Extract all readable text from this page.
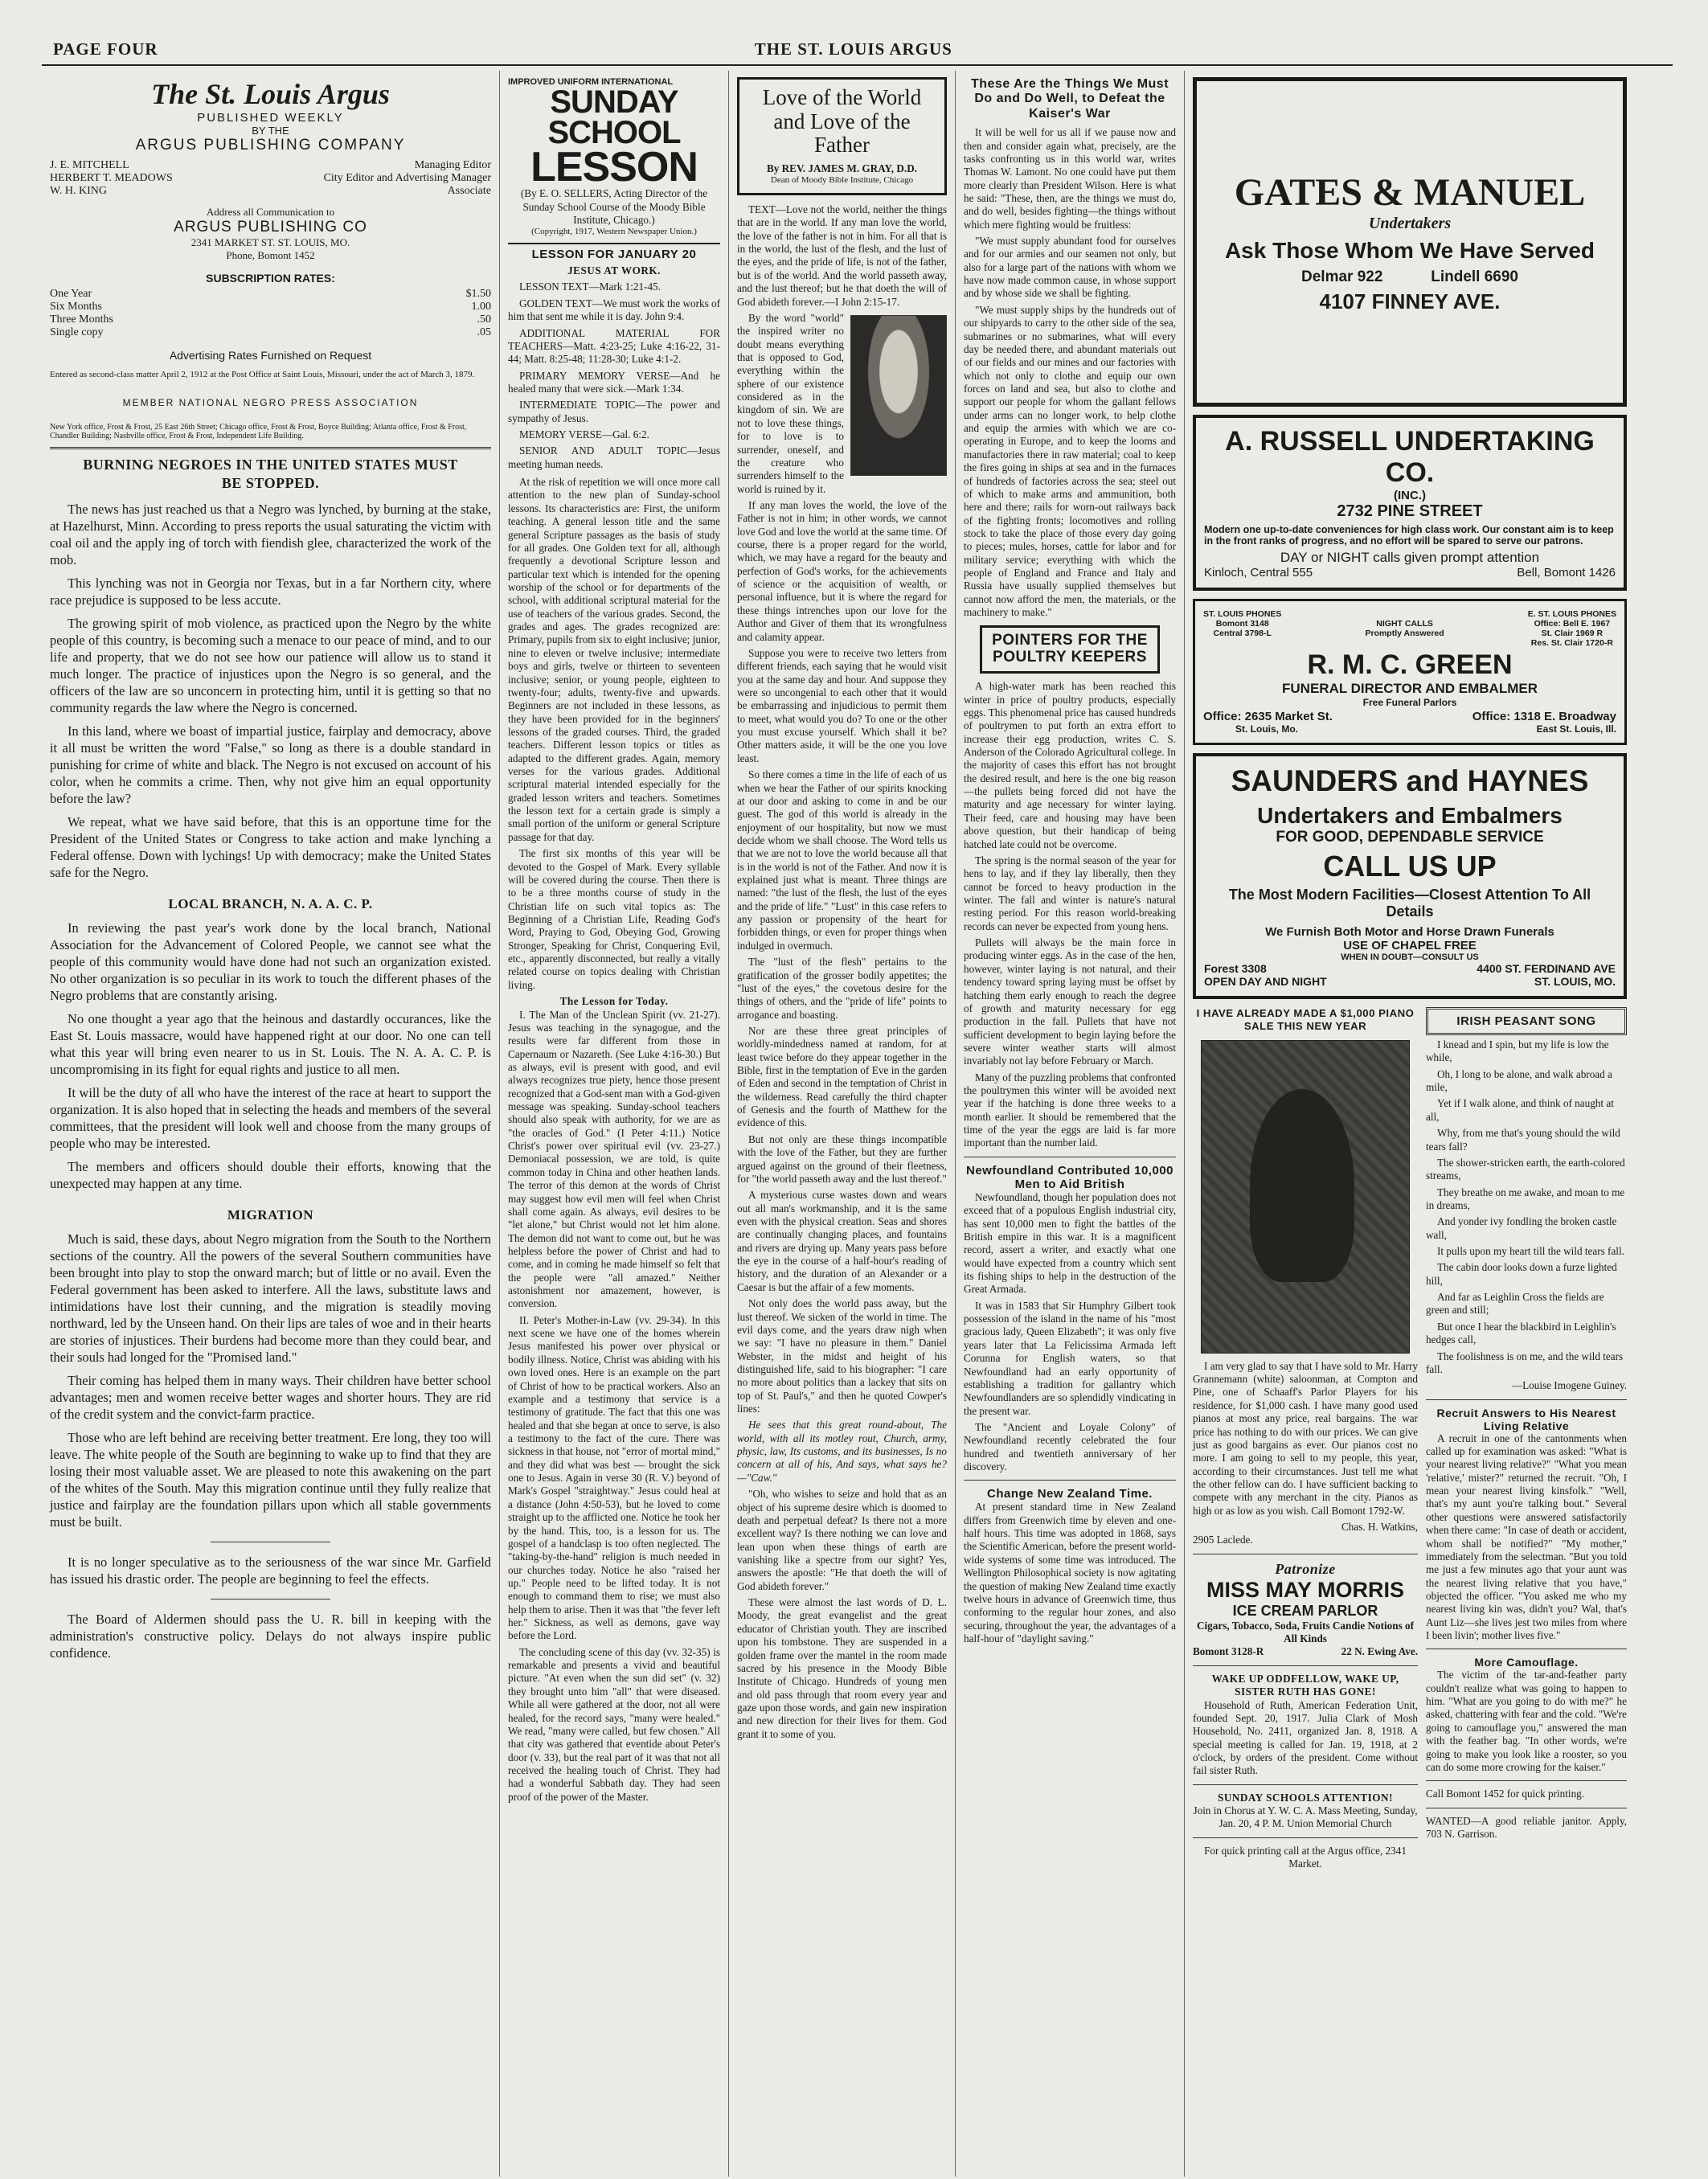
PAGE FOUR	THE ST. LOUIS ARGUS
The St. Louis Argus
PUBLISHED WEEKLY
BY THE
ARGUS PUBLISHING COMPANY
J. E. MITCHELL	Managing Editor
HERBERT T. MEADOWS	City Editor and Advertising Manager
W. H. KING	Associate
Address all Communication to
ARGUS PUBLISHING CO
2341 MARKET ST. ST. LOUIS, MO.
Phone, Bomont 1452
SUBSCRIPTION RATES:
One Year	$1.50
Six Months	1.00
Three Months	.50
Single copy	.05
Advertising Rates Furnished on Request
Entered as second-class matter April 2, 1912 at the Post Office at Saint Louis, Missouri, under the act of March 3, 1879.
MEMBER NATIONAL NEGRO PRESS ASSOCIATION
New York office, Frost & Frost, 25 East 26th Street; Chicago office, Frost & Frost, Boyce Building; Atlanta office, Frost & Frost, Chandler Building; Nashville office, Frost & Frost, Independent Life Building.
BURNING NEGROES IN THE UNITED STATES MUST BE STOPPED.

The news has just reached us that a Negro was lynched, by burning at the stake, at Hazelhurst, Minn. According to press reports the usual saturating the victim with coal oil and the apply ing of torch with fiendish glee, characterized the work of the mob.

This lynching was not in Georgia nor Texas, but in a far Northern city, where race prejudice is supposed to be less accute.

The growing spirit of mob violence, as practiced upon the Negro by the white people of this country, is becoming such a menace to our peace of mind, and to our life and property, that we do not see how our patience will allow us to stand it much longer. The practice of injustices upon the Negro is so general, and the officers of the law are so unconcern in protecting him, until it is getting so that no community regards the law where the Negro is concerned.

In this land, where we boast of impartial justice, fairplay and democracy, above it all must be written the word "False," so long as there is a double standard in punishing for crime of white and black. The Negro is not excused on account of his color, when he commits a crime. Then, why not give him an equal opportunity before the law?

We repeat, what we have said before, that this is an opportune time for the President of the United States or Congress to take action and make lynching a Federal offense. Down with lychings! Up with democracy; make the United States safe for the Negro.

LOCAL BRANCH, N. A. A. C. P.

In reviewing the past year's work done by the local branch, National Association for the Advancement of Colored People, we cannot see what the people of this community would have done had not such an organization existed. No other organization is so peculiar in its work to touch the different phases of the Negro problems that are constantly arising.

No one thought a year ago that the heinous and dastardly occurances, like the East St. Louis massacre, would have happened right at our door. No one can tell what this year will bring even nearer to us in St. Louis. The N. A. A. C. P. is uncompromising in its fight for equal rights and justice to all men.

It will be the duty of all who have the interest of the race at heart to support the organization. It is also hoped that in selecting the heads and members of the several committees, that the president will look well and choose from the many groups of people who may be interested.

The members and officers should double their efforts, knowing that the unexpected may happen at any time.

MIGRATION

Much is said, these days, about Negro migration from the South to the Northern sections of the country. All the powers of the several Southern communities have been brought into play to stop the onward march; but of little or no avail. Even the Federal government has been asked to interfere. All the laws, substitute laws and intimidations have lost their cunning, and the migration is steadily moving northward, led by the Unseen hand. On their lips are tales of woe and in their hearts are stories of injustices. Their burdens had become more than they could bear, and their souls had longed for the "Promised land."

Their coming has helped them in many ways. Their children have better school advantages; men and women receive better wages and shorter hours. They are rid of the credit system and the convict-farm practice.

Those who are left behind are receiving better treatment. Ere long, they too will leave. The white people of the South are beginning to wake up to find that they are losing their most valuable asset. We are pleased to note this awakening on the part of the whites of the South. May this migration continue until they fully realize that justice and fairplay are the foundation pillars upon which all stable governments must be built.

It is no longer speculative as to the seriousness of the war since Mr. Garfield has issued his drastic order. The people are beginning to feel the effects.

The Board of Aldermen should pass the U. R. bill in keeping with the administration's constructive policy. Delays do not always inspire public confidence.

IMPROVED UNIFORM INTERNATIONAL
SUNDAY SCHOOL
LESSON
(By E. O. SELLERS, Acting Director of the Sunday School Course of the Moody Bible Institute, Chicago.)
(Copyright, 1917, Western Newspaper Union.)
LESSON FOR JANUARY 20
JESUS AT WORK.

LESSON TEXT—Mark 1:21-45.

GOLDEN TEXT—We must work the works of him that sent me while it is day. John 9:4.

ADDITIONAL MATERIAL FOR TEACHERS—Matt. 4:23-25; Luke 4:16-22, 31-44; Matt. 8:25-48; 11:28-30; Luke 4:1-2.

PRIMARY MEMORY VERSE—And he healed many that were sick.—Mark 1:34.

INTERMEDIATE TOPIC—The power and sympathy of Jesus.

MEMORY VERSE—Gal. 6:2.

SENIOR AND ADULT TOPIC—Jesus meeting human needs.

At the risk of repetition we will once more call attention to the new plan of Sunday-school lessons. Its characteristics are: First, the uniform teaching. A general lesson title and the same general Scripture passages as the basis of study for all grades. One Golden text for all, although frequently a devotional Scripture lesson and particular text which is intended for the opening worship of the school or for departments of the school, with additional scriptural material for the use of teachers of the various grades. Second, the grades and ages. The grades recognized are: Primary, pupils from six to eight inclusive; junior, nine to eleven or twelve inclusive; intermediate boys and girls, twelve or thirteen to seventeen inclusive; senior, or young people, eighteen to twenty-four; adults, twenty-five and upwards. Beginners are not included in these lessons, as they have been provided for in the beginners' lessons of the graded courses. Third, the graded teachers. Different lesson topics or titles as adapted to the different grades. Again, memory verses for the various grades. Additional scriptural material intended especially for the graded lesson writers and teachers. Sometimes the lesson text for a certain grade is simply a small portion of the uniform or general Scripture passage for that day.

The first six months of this year will be devoted to the Gospel of Mark. Every syllable will be covered during the course. Then there is to be a three months course of study in the Christian life on such vital topics as: The Beginning of a Christian Life, Reading God's Word, Praying to God, Obeying God, Growing Stronger, Speaking for Christ, Conquering Evil, etc., apparently disconnected, but really a vitally related course on topics dealing with Christian living.

The Lesson for Today.

I. The Man of the Unclean Spirit (vv. 21-27). Jesus was teaching in the synagogue, and the results were far different from those in Capernaum or Nazareth. (See Luke 4:16-30.) But as always, evil is present with good, and evil always recognizes true piety, hence those present recognized that a God-sent man with a God-given message was speaking. Sunday-school teachers should also speak with authority, for we are as "the oracles of God." (I Peter 4:11.) Notice Christ's power over spiritual evil (vv. 23-27.) Demoniacal possession, we are told, is quite common today in China and other heathen lands. The terror of this demon at the words of Christ may suggest how evil men will feel when Christ shall come again. As always, evil desires to be "let alone," but Christ would not let him alone. The demon did not want to come out, but he was helpless before the power of Christ and had to come, and in coming he made himself so felt that the people were "all amazed." Neither astonishment nor amazement, however, is conversion.

II. Peter's Mother-in-Law (vv. 29-34). In this next scene we have one of the homes wherein Jesus manifested his power over physical or bodily illness. Notice, Christ was abiding with his own loved ones. Here is an example on the part of Christ of how to be practical workers. Also an example and a testimony that service is a testimony of gratitude. The fact that this one was healed and that she began at once to serve, is also a testimony to the fact of the cure. There was sickness in that house, not "error of mortal mind," and they did what was best — brought the sick one to Jesus. Again in verse 30 (R. V.) beyond of Mark's Gospel "straightway." Jesus could heal at a distance (John 4:50-53), but he loved to come straight up to the afflicted one. Notice he took her by the hand. This, too, is a lesson for us. The gospel of a handclasp is too often neglected. The "taking-by-the-hand" religion is much needed in our churches today. Notice he also "raised her up." People need to be lifted today. It is not enough to command them to rise; we must also help them to arise. Then it was that "the fever left her." Sickness, as well as demons, gave way before the Lord.

The concluding scene of this day (vv. 32-35) is remarkable and presents a vivid and beautiful picture. "At even when the sun did set" (v. 32) they brought unto him "all" that were diseased. While all were gathered at the door, not all were healed, for the record says, "many were healed." We read, "many were called, but few chosen." All that city was gathered that eventide about Peter's door (v. 33), but the real part of it was that not all received the healing touch of Christ. They had had a wonderful Sabbath day. They had seen proof of the power of the Master.

Love of the World and Love of the Father
By REV. JAMES M. GRAY, D.D.
Dean of Moody Bible Institute, Chicago

TEXT—Love not the world, neither the things that are in the world. If any man love the world, the love of the father is not in him. For all that is in the world, the lust of the flesh, and the lust of the eyes, and the pride of life, is not of the father, but is of the world. And the world passeth away, and the lust thereof; but he that doeth the will of God abideth forever.—I John 2:15-17.

By the word "world" the inspired writer no doubt means everything that is opposed to God, everything within the sphere of our existence considered as in the kingdom of sin. We are not to love these things, for to love is to surrender, oneself, and the creature who surrenders himself to the world is ruined by it.

If any man loves the world, the love of the Father is not in him; in other words, we cannot love God and love the world at the same time. Of course, there is a proper regard for the world, which, we may have a regard for the beauty and perfection of God's works, for the achievements of science or the acquisition of wealth, or personal influence, but it is where the regard for these things intrenches upon our love for the Author and Giver of them that its wrongfulness and calamity appear.

Suppose you were to receive two letters from different friends, each saying that he would visit you at the same day and hour. And suppose they were so uncongenial to each other that it would be embarrassing and injudicious to permit them to meet, what would you do? To one or the other you must excuse yourself. Which shall it be? Other matters aside, it will be the one you love least.

So there comes a time in the life of each of us when we hear the Father of our spirits knocking at our door and asking to come in and be our guest. The god of this world is already in the enjoyment of our hospitality, but now we must decide whom we shall choose. The Word tells us that we are not to love the world because all that is in the world is not of the Father. And now it is explained just what is meant. Three things are named: "the lust of the flesh, the lust of the eyes and the pride of life." "Lust" in this case refers to any passion or propensity of the heart for forbidden things, or even for proper things when indulged in overmuch.

The "lust of the flesh" pertains to the gratification of the grosser bodily appetites; the "lust of the eyes," the covetous desire for the things of others, and the "pride of life" points to arrogance and boasting.

Nor are these three great principles of worldly-mindedness named at random, for at least twice before do they appear together in the Bible, first in the temptation of Eve in the garden of Eden and second in the temptation of Christ in the wilderness. Read carefully the third chapter of Genesis and the fourth of Matthew for the evidence of this.

But not only are these things incompatible with the love of the Father, but they are further argued against on the ground of their fleetness, for "the world passeth away and the lust thereof."

A mysterious curse wastes down and wears out all man's workmanship, and it is the same even with the physical creation. Seas and shores are continually changing places, and fountains and rivers are drying up. Many years pass before the eye in the course of a half-hour's reading of history, and the duration of an Alexander or a Caesar is but the affair of a few moments.

Not only does the world pass away, but the lust thereof. We sicken of the world in time. The evil days come, and the years draw nigh when we say: "I have no pleasure in them." Daniel Webster, in the midst and height of his distinguished life, said to his biographer: "I care no more about politics than a lackey that sits on top of St. Paul's," and then he quoted Cowper's lines:

He sees that this great round-about, The world, with all its motley rout, Church, army, physic, law, Its customs, and its businesses, Is no concern at all of his, And says, what says he?—"Caw."

"Oh, who wishes to seize and hold that as an object of his supreme desire which is doomed to death and perpetual defeat? Is there not a more excellent way? Is there nothing we can love and lean upon when these things of earth are vanishing like a spectre from our sight? Yes, answers the apostle: "He that doeth the will of God abideth forever."

These were almost the last words of D. L. Moody, the great evangelist and the great educator of Christian youth. They are inscribed upon his tombstone. They are suspended in a golden frame over the mantel in the room made sacred by his presence in the Moody Bible Institute of Chicago. Hundreds of young men and old pass through that room every year and gaze upon those words, and gain new inspiration and new direction for their lives for them. God grant it to some of you.

These Are the Things We Must Do and Do Well, to Defeat the Kaiser's War

It will be well for us all if we pause now and then and consider again what, precisely, are the tasks confronting us in this world war, writes Thomas W. Lamont. No one could have put them more clearly than President Wilson. Here is what he said: "These, then, are the things we must do, and do well, besides fighting—the things without which mere fighting would be fruitless:

"We must supply abundant food for ourselves and for our armies and our seamen not only, but also for a large part of the nations with whom we have now made common cause, in whose support and by whose side we shall be fighting.

"We must supply ships by the hundreds out of our shipyards to carry to the other side of the sea, submarines or no submarines, what will every day be needed there, and abundant materials out of our fields and our mines and our factories with which not only to clothe and equip our own forces on land and sea, but also to clothe and support our people for whom the gallant fellows under arms can no longer work, to help clothe and equip the armies with which we are co-operating in Europe, and to keep the looms and manufactories there in raw material; coal to keep the fires going in ships at sea and in the furnaces of hundreds of factories across the sea; steel out of which to make arms and ammunition, both here and there; rails for worn-out railways back of the fighting fronts; locomotives and rolling stock to take the place of those every day going to pieces; mules, horses, cattle for labor and for military service; everything with which the people of England and France and Italy and Russia have usually supplied themselves but cannot now afford the men, the materials, or the machinery to make."

POINTERS FOR THE POULTRY KEEPERS

A high-water mark has been reached this winter in price of poultry products, especially eggs. This phenomenal price has caused hundreds of poultrymen to put forth an extra effort to increase their egg production, writes C. S. Anderson of the Colorado Agricultural college. In the majority of cases this effort has not brought the desired result, and here is the one big reason —the pullets being forced did not have the maturity and age necessary for winter laying. Their feed, care and housing may have been above question, but their handicap of being hatched late could not be overcome.

The spring is the normal season of the year for hens to lay, and if they lay liberally, then they cannot be forced to heavy production in the winter. The fall and winter is nature's natural resting period. For this reason world-breaking records can never be expected from young hens.

Pullets will always be the main force in producing winter eggs. As in the case of the hen, however, winter laying is not natural, and their tendency toward spring laying must be offset by hatching them early enough to reach the degree of growth and maturity necessary for egg production in the fall. Pullets that have not sufficient development to begin laying before the severe winter weather starts will almost invariably not lay before February or March.

Many of the puzzling problems that confronted the poultrymen this winter will be avoided next year if the hatching is done three weeks to a month earlier. It should be remembered that the time of the year the eggs are laid is far more important than the number laid.

Newfoundland Contributed 10,000 Men to Aid British

Newfoundland, though her population does not exceed that of a populous English industrial city, has sent 10,000 men to fight the battles of the British empire in this war. It is a magnificent record, assert a writer, and exactly what one would have expected from a country which sent its fishing ships to help in the destruction of the Great Armada.

It was in 1583 that Sir Humphry Gilbert took possession of the island in the name of his "most gracious lady, Queen Elizabeth"; it was only five years later that La Felicissima Armada left Corunna for English waters, so that Newfoundland had an early opportunity of establishing a tradition for gallantry which Newfoundlanders are so splendidly vindicating in the present war.

The "Ancient and Loyale Colony" of Newfoundland recently celebrated the four hundred and twentieth anniversary of her discovery.

Change New Zealand Time.

At present standard time in New Zealand differs from Greenwich time by eleven and one-half hours. This time was adopted in 1868, says the Scientific American, before the present world-wide systems of some time was introduced. The Wellington Philosophical society is now agitating the question of making New Zealand time exactly twelve hours in advance of Greenwich time, thus conforming to the regular hour zones, and also securing, throughout the year, the advantages of a half-hour of "daylight saving."

GATES & MANUEL
Undertakers
Ask Those Whom We Have Served
Delmar 922	Lindell 6690
4107 FINNEY AVE.
A. RUSSELL UNDERTAKING CO.
(INC.)
2732 PINE STREET
Modern one up-to-date conveniences for high class work. Our constant aim is to keep in the front ranks of progress, and no effort will be spared to serve our patrons.
DAY or NIGHT calls given prompt attention
Kinloch, Central 555	Bell, Bomont 1426
ST. LOUIS PHONES
Bomont 3148
Central 3798-L
NIGHT CALLS
Promptly Answered
E. ST. LOUIS PHONES
Office: Bell E. 1967
St. Clair 1969 R
Res. St. Clair 1720-R
R. M. C. GREEN
FUNERAL DIRECTOR AND EMBALMER
Free Funeral Parlors
Office: 2635 Market St.
St. Louis, Mo.
Office: 1318 E. Broadway
East St. Louis, Ill.
SAUNDERS and HAYNES
Undertakers and Embalmers
FOR GOOD, DEPENDABLE SERVICE
CALL US UP
The Most Modern Facilities—Closest Attention To All Details
We Furnish Both Motor and Horse Drawn Funerals
USE OF CHAPEL FREE
WHEN IN DOUBT—CONSULT US
Forest 3308
OPEN DAY AND NIGHT
4400 ST. FERDINAND AVE
ST. LOUIS, MO.
I HAVE ALREADY MADE A $1,000 PIANO SALE THIS NEW YEAR

I am very glad to say that I have sold to Mr. Harry Grannemann (white) saloonman, at Compton and Pine, one of Schaaff's Parlor Players for his residence, for $1,000 cash. I have many good used pianos at most any price, real bargains. The war price has nothing to do with our prices. We can give just as good bargains as ever. Our pianos cost no more. I am going to sell to my people, this year, according to their circumstances. Just tell me what the other fellow can do. I have sufficient backing to compete with any merchant in the city. Pianos as high or as low as you wish. Call Bomont 1792-W.

Chas. H. Watkins,
2905 Laclede.
Patronize
MISS MAY MORRIS
ICE CREAM PARLOR
Cigars, Tobacco, Soda, Fruits Candie Notions of All Kinds
Bomont 3128-R	22 N. Ewing Ave.
WAKE UP ODDFELLOW, WAKE UP, SISTER RUTH HAS GONE!

Household of Ruth, American Federation Unit, founded Sept. 20, 1917. Julia Clark of Mosh Household, No. 2411, organized Jan. 8, 1918. A special meeting is called for Jan. 19, 1918, at 2 o'clock, by orders of the president. Come without fail sister Ruth.

SUNDAY SCHOOLS ATTENTION!
Join in Chorus at Y. W. C. A. Mass Meeting, Sunday, Jan. 20, 4 P. M. Union Memorial Church
For quick printing call at the Argus office, 2341 Market.
IRISH PEASANT SONG

I knead and I spin, but my life is low the while,

Oh, I long to be alone, and walk abroad a mile,

Yet if I walk alone, and think of naught at all,

Why, from me that's young should the wild tears fall?

The shower-stricken earth, the earth-colored streams,

They breathe on me awake, and moan to me in dreams,

And yonder ivy fondling the broken castle wall,

It pulls upon my heart till the wild tears fall.

The cabin door looks down a furze lighted hill,

And far as Leighlin Cross the fields are green and still;

But once I hear the blackbird in Leighlin's hedges call,

The foolishness is on me, and the wild tears fall.

—Louise Imogene Guiney.
Recruit Answers to His Nearest Living Relative

A recruit in one of the cantonments when called up for examination was asked: "What is your nearest living relative?" "What you mean 'relative,' mister?" returned the recruit. "Oh, I mean your nearest living kinsfolk." "Well, that's my aunt you're talking bout." Several other questions were answered satisfactorily when there came: "In case of death or accident, whom shall be notified?" "My mother," immediately from the selectman. "But you told me just a few minutes ago that your aunt was the nearest living relative that you have," objected the officer. "You asked me who my nearest living kin was, didn't you? Wal, that's Aunt Liz—she lives jest two miles from where I been livin'; mother lives five."

More Camouflage.

The victim of the tar-and-feather party couldn't realize what was going to happen to him. "What are you going to do with me?" he asked, chattering with fear and the cold. "We're going to camouflage you," answered the man with the feather bag. "In other words, we're going to make you look like a rooster, so you can do some more crowing for the kaiser."

Call Bomont 1452 for quick printing.
WANTED—A good reliable janitor. Apply, 703 N. Garrison.
